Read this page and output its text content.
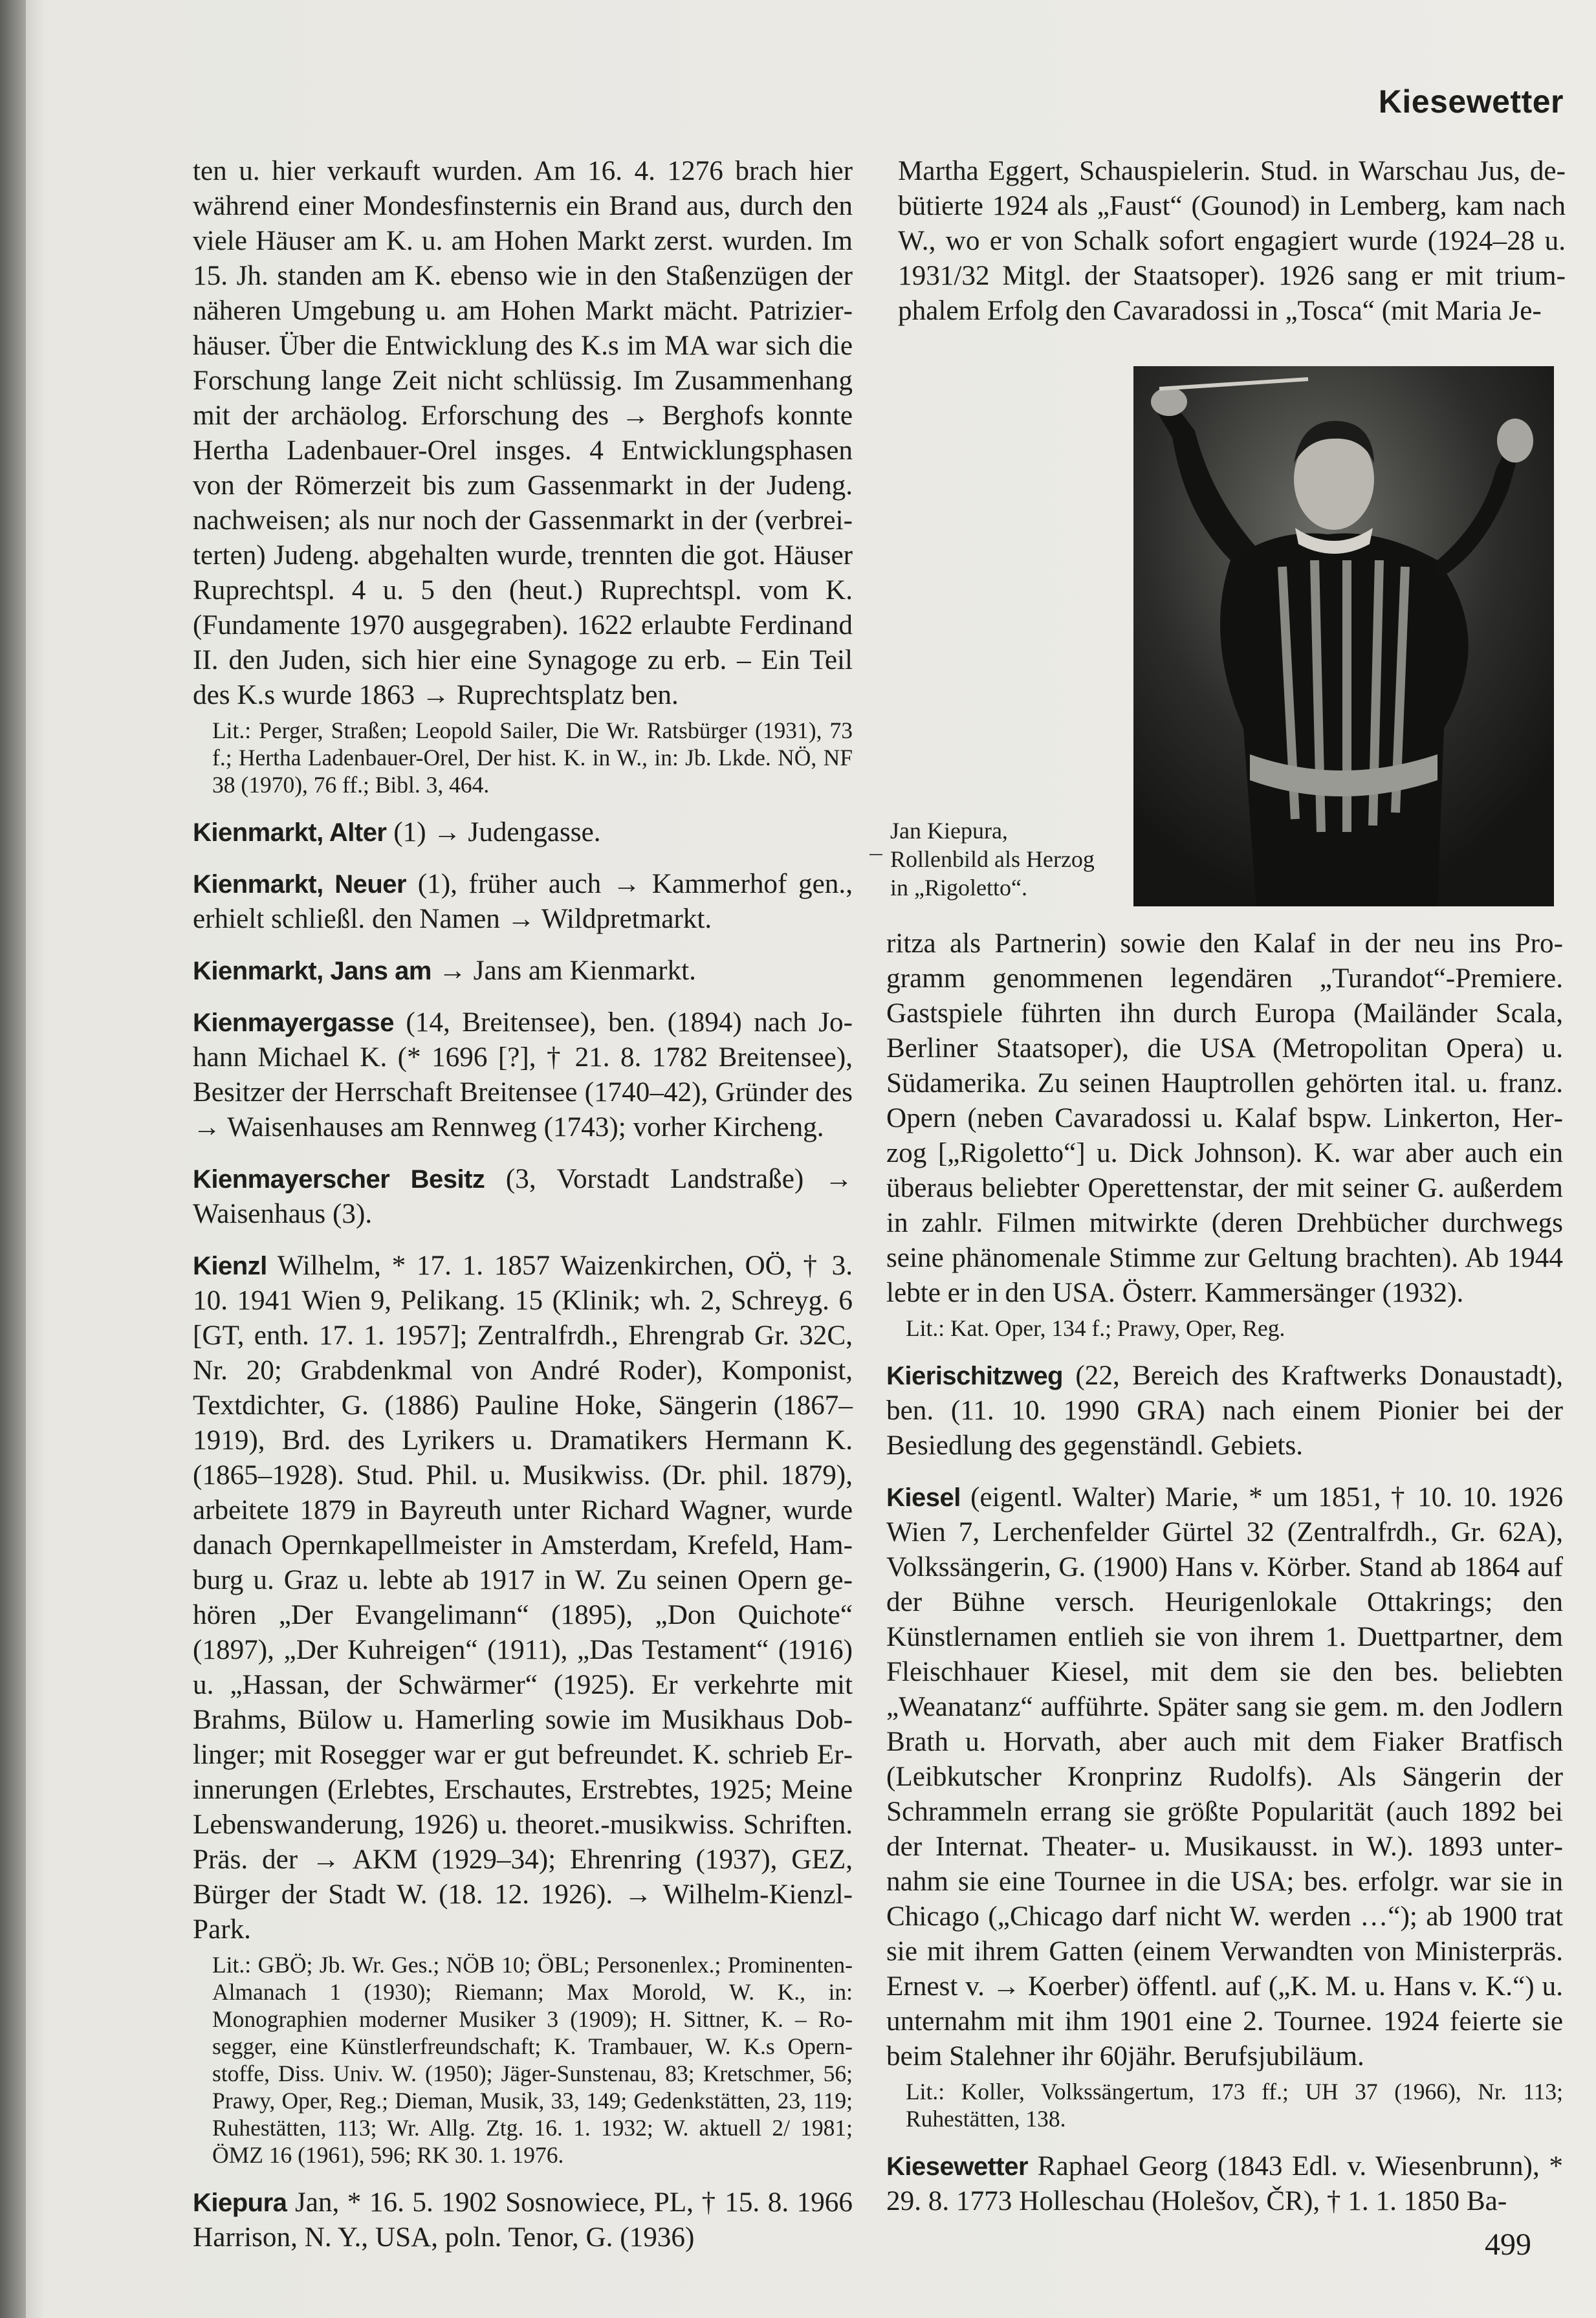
Kiesewetter

ten u. hier verkauft wurden. Am 16. 4. 1276 brach hier während einer Mondesfinsternis ein Brand aus, durch den viele Häuser am K. u. am Hohen Markt zerst. wurden. Im 15. Jh. standen am K. ebenso wie in den Staßenzügen der näheren Umgebung u. am Hohen Markt mächt. Patrizierhäuser. Über die Entwicklung des K.s im MA war sich die Forschung lange Zeit nicht schlüssig. Im Zusammenhang mit der archäolog. Erforschung des → Berghofs konnte Hertha Ladenbauer-Orel insges. 4 Entwicklungsphasen von der Römerzeit bis zum Gassenmarkt in der Judeng. nachweisen; als nur noch der Gassenmarkt in der (verbreiterten) Judeng. abgehalten wurde, trennten die got. Häuser Ruprechtspl. 4 u. 5 den (heut.) Ruprechtspl. vom K. (Fundamente 1970 ausgegraben). 1622 erlaubte Ferdinand II. den Juden, sich hier eine Synagoge zu erb. – Ein Teil des K.s wurde 1863 → Ruprechtsplatz ben.

Lit.: Perger, Straßen; Leopold Sailer, Die Wr. Ratsbürger (1931), 73 f.; Hertha Ladenbauer-Orel, Der hist. K. in W., in: Jb. Lkde. NÖ, NF 38 (1970), 76 ff.; Bibl. 3, 464.

Kienmarkt, Alter (1) → Judengasse.

Kienmarkt, Neuer (1), früher auch → Kammerhof gen., erhielt schließl. den Namen → Wildpretmarkt.

Kienmarkt, Jans am → Jans am Kienmarkt.

Kienmayergasse (14, Breitensee), ben. (1894) nach Johann Michael K. (* 1696 [?], † 21. 8. 1782 Breitensee), Besitzer der Herrschaft Breitensee (1740–42), Gründer des → Waisenhauses am Rennweg (1743); vorher Kircheng.

Kienmayerscher Besitz (3, Vorstadt Landstraße) → Waisenhaus (3).

Kienzl Wilhelm, * 17. 1. 1857 Waizenkirchen, OÖ, † 3. 10. 1941 Wien 9, Pelikang. 15 (Klinik; wh. 2, Schreyg. 6 [GT, enth. 17. 1. 1957]; Zentralfrdh., Ehrengrab Gr. 32C, Nr. 20; Grabdenkmal von André Roder), Komponist, Textdichter, G. (1886) Pauline Hoke, Sängerin (1867–1919), Brd. des Lyrikers u. Dramatikers Hermann K. (1865–1928). Stud. Phil. u. Musikwiss. (Dr. phil. 1879), arbeitete 1879 in Bayreuth unter Richard Wagner, wurde danach Opernkapellmeister in Amsterdam, Krefeld, Hamburg u. Graz u. lebte ab 1917 in W. Zu seinen Opern gehören „Der Evangelimann“ (1895), „Don Quichote“ (1897), „Der Kuhreigen“ (1911), „Das Testament“ (1916) u. „Hassan, der Schwärmer“ (1925). Er verkehrte mit Brahms, Bülow u. Hamerling sowie im Musikhaus Doblinger; mit Rosegger war er gut befreundet. K. schrieb Erinnerungen (Erlebtes, Erschautes, Erstrebtes, 1925; Meine Lebenswanderung, 1926) u. theoret.-musikwiss. Schriften. Präs. der → AKM (1929–34); Ehrenring (1937), GEZ, Bürger der Stadt W. (18. 12. 1926). → Wilhelm-Kienzl-Park.

Lit.: GBÖ; Jb. Wr. Ges.; NÖB 10; ÖBL; Personenlex.; Prominenten-Almanach 1 (1930); Riemann; Max Morold, W. K., in: Monographien moderner Musiker 3 (1909); H. Sittner, K. – Rosegger, eine Künstlerfreundschaft; K. Trambauer, W. K.s Opernstoffe, Diss. Univ. W. (1950); Jäger-Sunstenau, 83; Kretschmer, 56; Prawy, Oper, Reg.; Dieman, Musik, 33, 149; Gedenkstätten, 23, 119; Ruhestätten, 113; Wr. Allg. Ztg. 16. 1. 1932; W. aktuell 2/ 1981; ÖMZ 16 (1961), 596; RK 30. 1. 1976.

Kiepura Jan, * 16. 5. 1902 Sosnowiece, PL, † 15. 8. 1966 Harrison, N. Y., USA, poln. Tenor, G. (1936)

Martha Eggert, Schauspielerin. Stud. in Warschau Jus, debütierte 1924 als „Faust“ (Gounod) in Lemberg, kam nach W., wo er von Schalk sofort engagiert wurde (1924–28 u. 1931/32 Mitgl. der Staatsoper). 1926 sang er mit triumphalem Erfolg den Cavaradossi in „Tosca“ (mit Maria Je-

Jan Kiepura,
Rollenbild als Herzog
in „Rigoletto“.

ritza als Partnerin) sowie den Kalaf in der neu ins Programm genommenen legendären „Turandot“-Premiere. Gastspiele führten ihn durch Europa (Mailänder Scala, Berliner Staatsoper), die USA (Metropolitan Opera) u. Südamerika. Zu seinen Hauptrollen gehörten ital. u. franz. Opern (neben Cavaradossi u. Kalaf bspw. Linkerton, Herzog [„Rigoletto“] u. Dick Johnson). K. war aber auch ein überaus beliebter Operettenstar, der mit seiner G. außerdem in zahlr. Filmen mitwirkte (deren Drehbücher durchwegs seine phänomenale Stimme zur Geltung brachten). Ab 1944 lebte er in den USA. Österr. Kammersänger (1932).

Lit.: Kat. Oper, 134 f.; Prawy, Oper, Reg.

Kierischitzweg (22, Bereich des Kraftwerks Donaustadt), ben. (11. 10. 1990 GRA) nach einem Pionier bei der Besiedlung des gegenständl. Gebiets.

Kiesel (eigentl. Walter) Marie, * um 1851, † 10. 10. 1926 Wien 7, Lerchenfelder Gürtel 32 (Zentralfrdh., Gr. 62A), Volkssängerin, G. (1900) Hans v. Körber. Stand ab 1864 auf der Bühne versch. Heurigenlokale Ottakrings; den Künstlernamen entlieh sie von ihrem 1. Duettpartner, dem Fleischhauer Kiesel, mit dem sie den bes. beliebten „Weanatanz“ aufführte. Später sang sie gem. m. den Jodlern Brath u. Horvath, aber auch mit dem Fiaker Bratfisch (Leibkutscher Kronprinz Rudolfs). Als Sängerin der Schrammeln errang sie größte Popularität (auch 1892 bei der Internat. Theater- u. Musikausst. in W.). 1893 unternahm sie eine Tournee in die USA; bes. erfolgr. war sie in Chicago („Chicago darf nicht W. werden …“); ab 1900 trat sie mit ihrem Gatten (einem Verwandten von Ministerpräs. Ernest v. → Koerber) öffentl. auf („K. M. u. Hans v. K.“) u. unternahm mit ihm 1901 eine 2. Tournee. 1924 feierte sie beim Stalehner ihr 60jähr. Berufsjubiläum.

Lit.: Koller, Volkssängertum, 173 ff.; UH 37 (1966), Nr. 113; Ruhestätten, 138.

Kiesewetter Raphael Georg (1843 Edl. v. Wiesenbrunn), * 29. 8. 1773 Holleschau (Holešov, ČR), † 1. 1. 1850 Ba-

499
